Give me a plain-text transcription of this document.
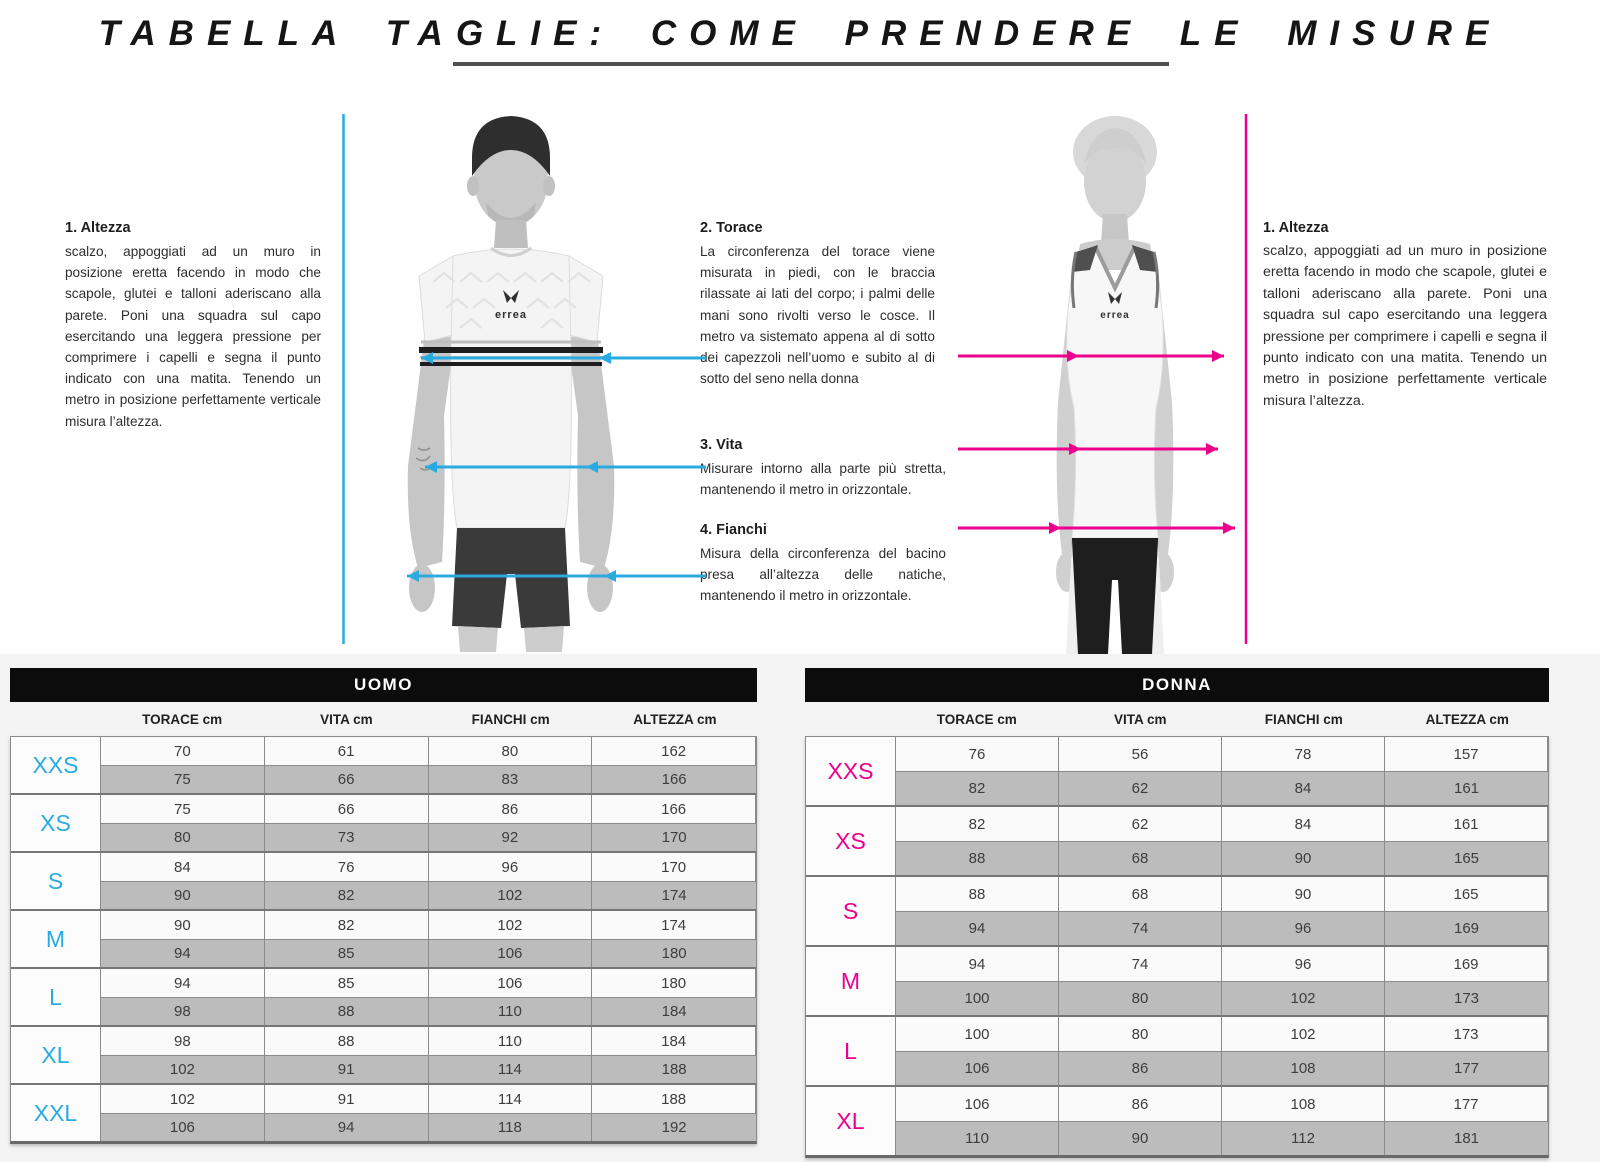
TABELLA TAGLIE: COME PRENDERE LE MISURE
1. Altezza

scalzo, appoggiati ad un muro in posizione eretta facendo in modo che scapole, glutei e talloni aderiscano alla parete. Poni una squadra sul capo esercitando una leggera pressione per comprimere i capelli e segna il punto indicato con una matita. Tenendo un metro in posizione perfettamente verticale misura l’altezza.

2. Torace

La circonferenza del torace viene misurata in piedi, con le braccia rilassate ai lati del corpo; i palmi delle mani sono rivolti verso le cosce. Il metro va sistemato appena al di sotto dei capezzoli nell’uomo e subito al di sotto del seno nella donna

3. Vita

Misurare intorno alla parte più stretta, mantenendo il metro in orizzontale.

4. Fianchi

Misura della circonferenza del bacino presa all’altezza delle natiche, mantenendo il metro in orizzontale.

1. Altezza

scalzo, appoggiati ad un muro in posizione eretta facendo in modo che scapole, glutei e talloni aderiscano alla parete. Poni una squadra sul capo esercitando una leggera pressione per comprimere i capelli e segna il punto indicato con una matita. Tenendo un metro in posizione perfettamente verticale misura l’altezza.

errea	errea
UOMO
TORACE cm	VITA cm	FIANCHI cm	ALTEZZA cm
XXS
70	61	80	162
75	66	83	166
XS
75	66	86	166
80	73	92	170
S
84	76	96	170
90	82	102	174
M
90	82	102	174
94	85	106	180
L
94	85	106	180
98	88	110	184
XL
98	88	110	184
102	91	114	188
XXL
102	91	114	188
106	94	118	192
DONNA
TORACE cm	VITA cm	FIANCHI cm	ALTEZZA cm
XXS
76	56	78	157
82	62	84	161
XS
82	62	84	161
88	68	90	165
S
88	68	90	165
94	74	96	169
M
94	74	96	169
100	80	102	173
L
100	80	102	173
106	86	108	177
XL
106	86	108	177
110	90	112	181
